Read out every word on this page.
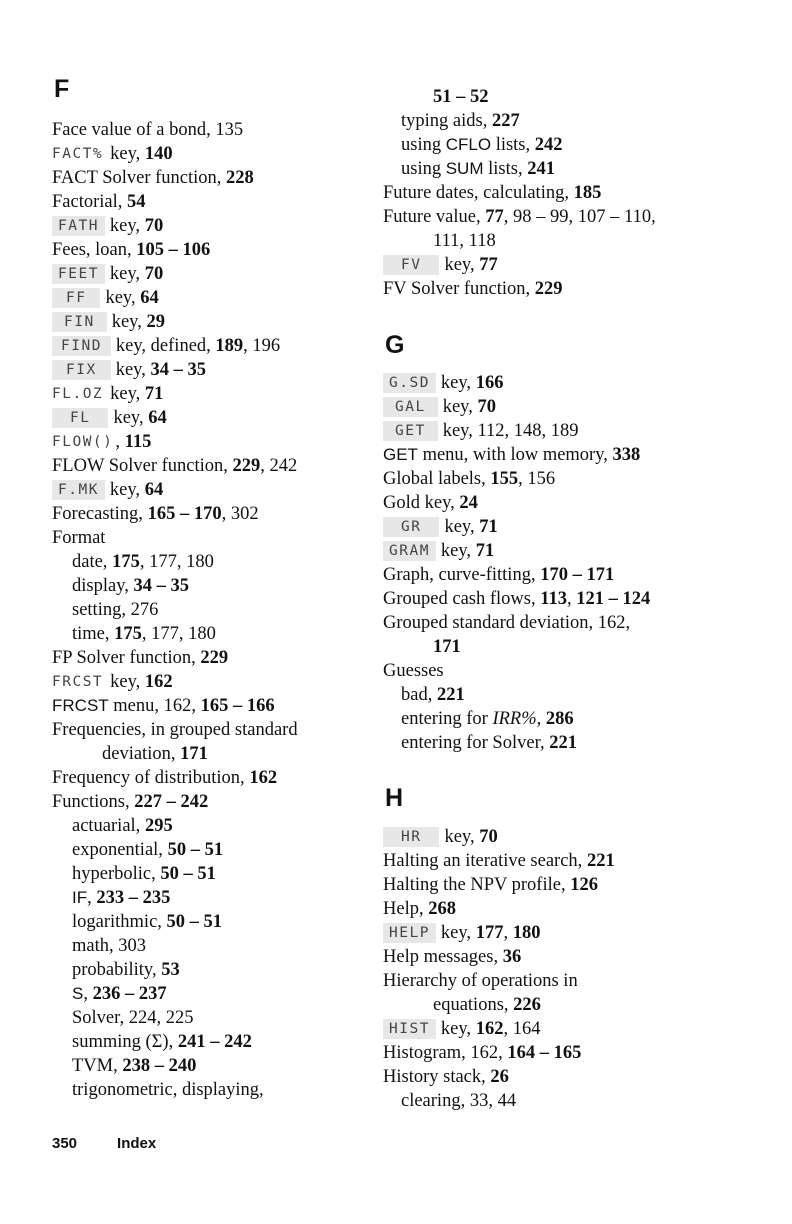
F
Face value of a bond, 135
FACT% key, 140
FACT Solver function, 228
Factorial, 54
FATH key, 70
Fees, loan, 105 – 106
FEET key, 70
FF key, 64
FIN key, 29
FIND key, defined, 189, 196
FIX key, 34 – 35
FL.OZ key, 71
FL key, 64
FLOW() , 115
FLOW Solver function, 229, 242
F.MK key, 64
Forecasting, 165 – 170, 302
Format
date, 175, 177, 180
display, 34 – 35
setting, 276
time, 175, 177, 180
FP Solver function, 229
FRCST key, 162
FRCST menu, 162, 165 – 166
Frequencies, in grouped standard
deviation, 171
Frequency of distribution, 162
Functions, 227 – 242
actuarial, 295
exponential, 50 – 51
hyperbolic, 50 – 51
IF, 233 – 235
logarithmic, 50 – 51
math, 303
probability, 53
S, 236 – 237
Solver, 224, 225
summing (Σ), 241 – 242
TVM, 238 – 240
trigonometric, displaying,
51 – 52
typing aids, 227
using CFLO lists, 242
using SUM lists, 241
Future dates, calculating, 185
Future value, 77, 98 – 99, 107 – 110,
111, 118
FV key, 77
FV Solver function, 229
G
G.SD key, 166
GAL key, 70
GET key, 112, 148, 189
GET menu, with low memory, 338
Global labels, 155, 156
Gold key, 24
GR key, 71
GRAM key, 71
Graph, curve-fitting, 170 – 171
Grouped cash flows, 113, 121 – 124
Grouped standard deviation, 162,
171
Guesses
bad, 221
entering for IRR%, 286
entering for Solver, 221
H
HR key, 70
Halting an iterative search, 221
Halting the NPV profile, 126
Help, 268
HELP key, 177, 180
Help messages, 36
Hierarchy of operations in
equations, 226
HIST key, 162, 164
Histogram, 162, 164 – 165
History stack, 26
clearing, 33, 44
350	Index
